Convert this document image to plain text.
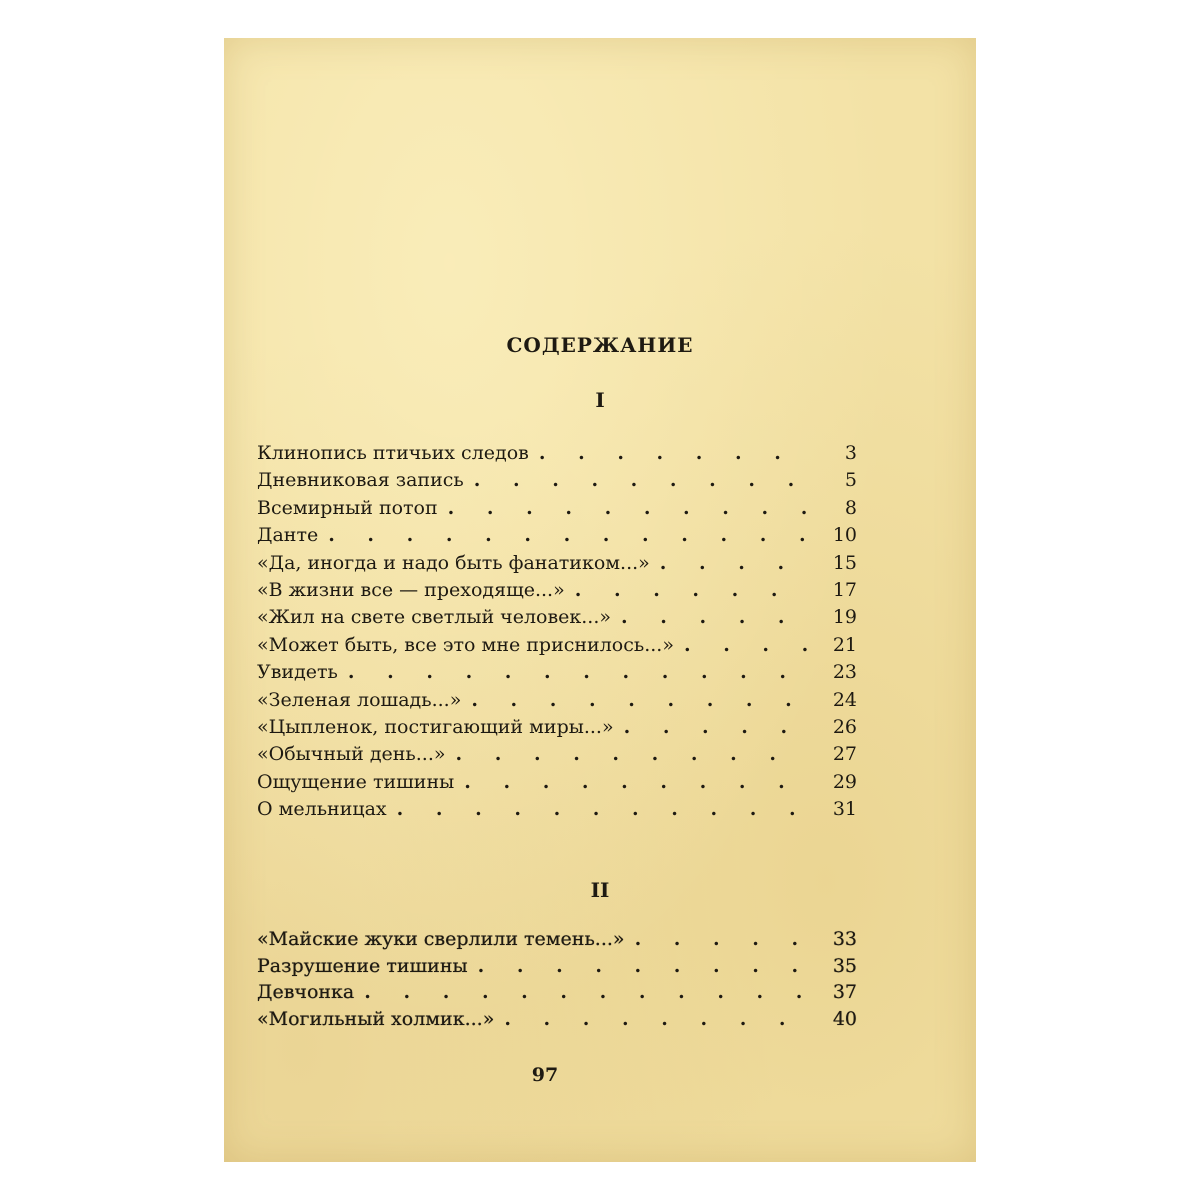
СОДЕРЖАНИЕ
I
Клинопись птичьих следов . . .	3
Дневниковая запись . . .	5
Всемирный потоп . . .	8
Данте . . .	10
«Да, иногда и надо быть фанатиком...» . . .	15
«В жизни все — преходяще...» . . .	17
«Жил на свете светлый человек...» . . .	19
«Может быть, все это мне приснилось...» . . .	21
Увидеть . . .	23
«Зеленая лошадь...» . . .	24
«Цыпленок, постигающий миры...» . . .	26
«Обычный день...» . . .	27
Ощущение тишины . . .	29
О мельницах . . .	31
II
«Майские жуки сверлили темень...» . . .	33
Разрушение тишины . . .	35
Девчонка . . .	37
«Могильный холмик...» . . .	40
97
